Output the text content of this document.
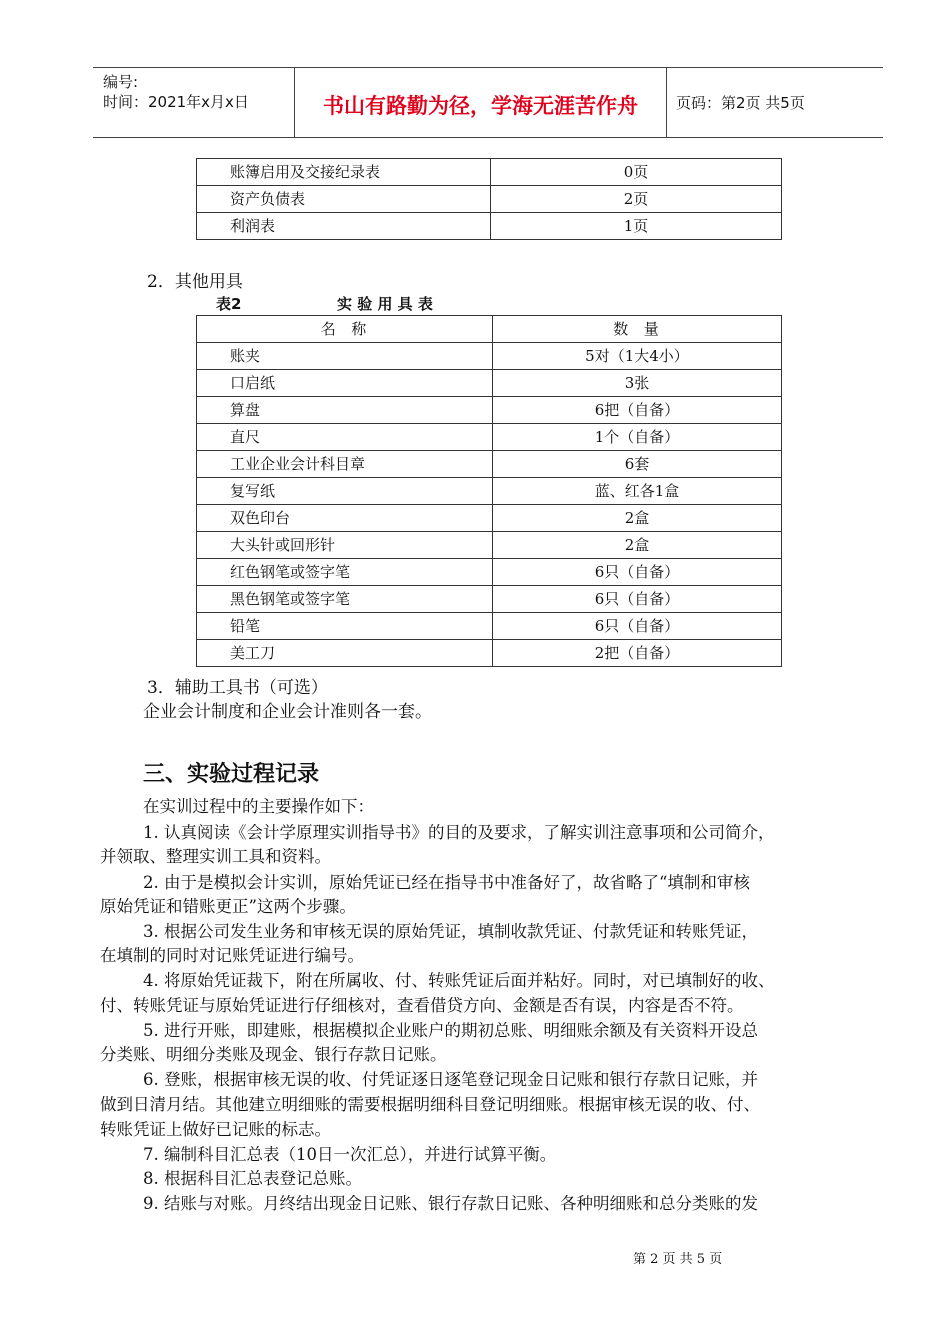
编号:
时间：2021年x月x日	书山有路勤为径，学海无涯苦作舟	页码：第2页 共5页
账簿启用及交接纪录表	0页
资产负债表	2页
利润表	1页
2．其他用具
表2	实 验 用 具 表
名  称	数  量
账夹	5对（1大4小）
口启纸	3张
算盘	6把（自备）
直尺	1个（自备）
工业企业会计科目章	6套
复写纸	蓝、红各1盒
双色印台	2盒
大头针或回形针	2盒
红色钢笔或签字笔	6只（自备）
黑色钢笔或签字笔	6只（自备）
铅笔	6只（自备）
美工刀	2把（自备）
3．辅助工具书（可选）
企业会计制度和企业会计准则各一套。
三、实验过程记录
在实训过程中的主要操作如下：
1. 认真阅读《会计学原理实训指导书》的目的及要求，了解实训注意事项和公司简介，
并领取、整理实训工具和资料。
2. 由于是模拟会计实训，原始凭证已经在指导书中准备好了，故省略了“填制和审核
原始凭证和错账更正”这两个步骤。
3. 根据公司发生业务和审核无误的原始凭证，填制收款凭证、付款凭证和转账凭证，
在填制的同时对记账凭证进行编号。
4. 将原始凭证裁下，附在所属收、付、转账凭证后面并粘好。同时，对已填制好的收、
付、转账凭证与原始凭证进行仔细核对，查看借贷方向、金额是否有误，内容是否不符。
5. 进行开账，即建账，根据模拟企业账户的期初总账、明细账余额及有关资料开设总
分类账、明细分类账及现金、银行存款日记账。
6. 登账，根据审核无误的收、付凭证逐日逐笔登记现金日记账和银行存款日记账，并
做到日清月结。其他建立明细账的需要根据明细科目登记明细账。根据审核无误的收、付、
转账凭证上做好已记账的标志。
7. 编制科目汇总表（10日一次汇总），并进行试算平衡。
8. 根据科目汇总表登记总账。
9. 结账与对账。月终结出现金日记账、银行存款日记账、各种明细账和总分类账的发
第 2 页 共 5 页
